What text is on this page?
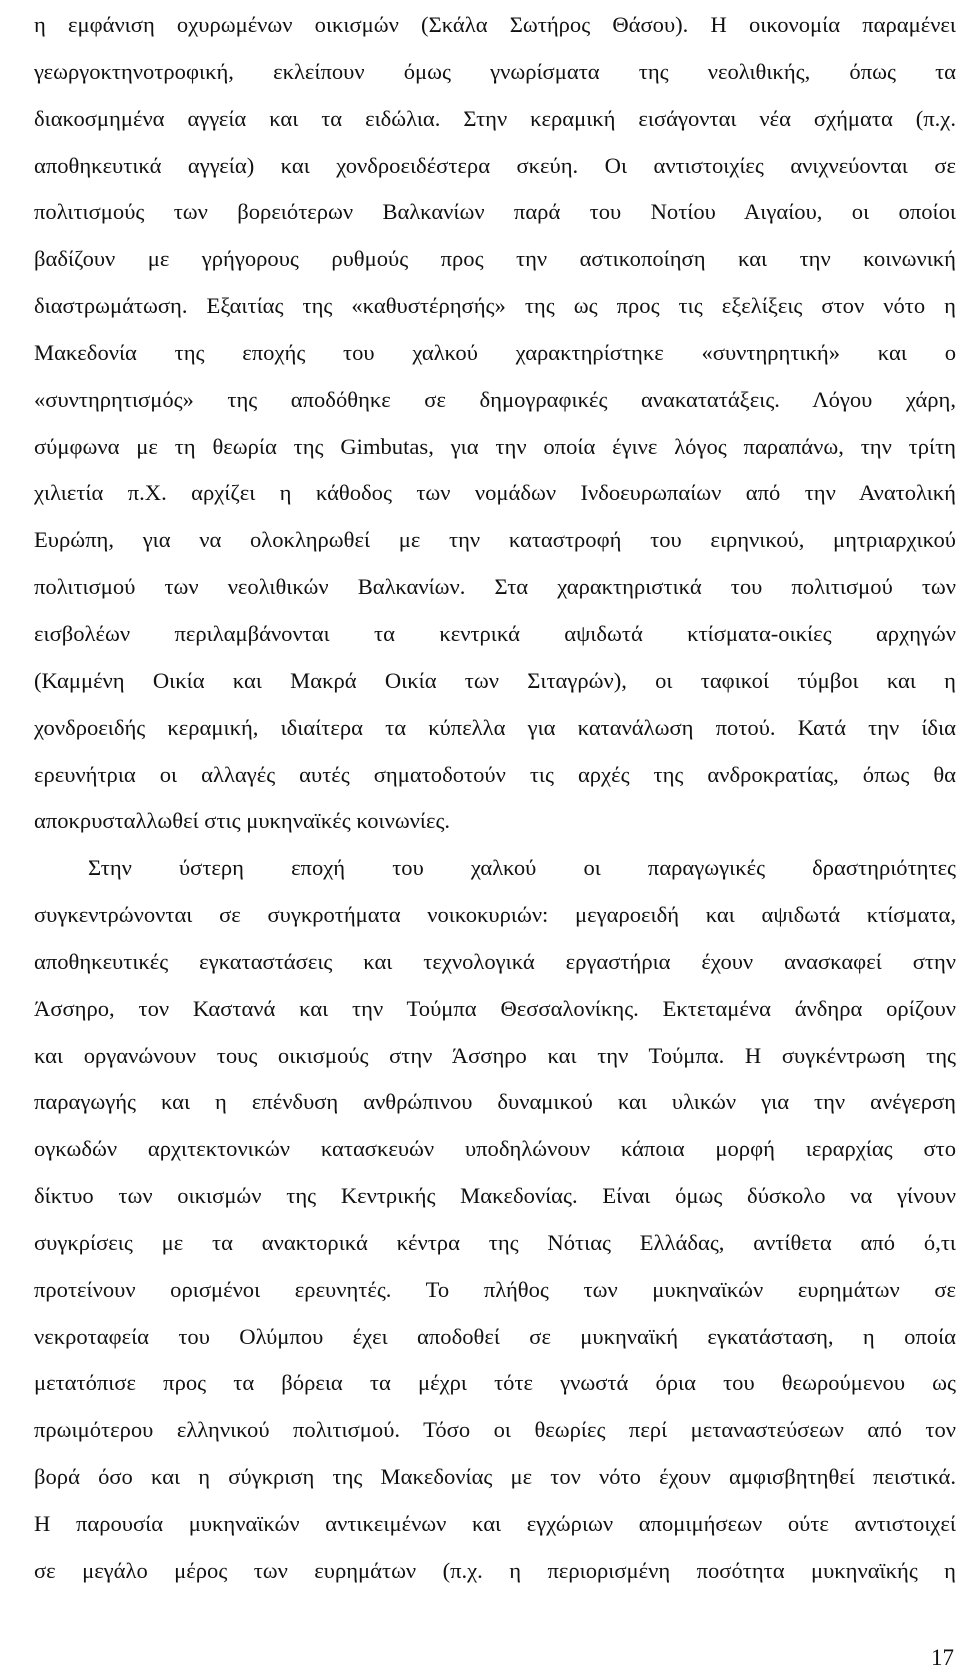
η εμφάνιση οχυρωμένων οικισμών (Σκάλα Σωτήρος Θάσου). Η οικονομία παραμένει
γεωργοκτηνοτροφική, εκλείπουν όμως γνωρίσματα της νεολιθικής, όπως τα
διακοσμημένα αγγεία και τα ειδώλια. Στην κεραμική εισάγονται νέα σχήματα (π.χ.
αποθηκευτικά αγγεία) και χονδροειδέστερα σκεύη. Οι αντιστοιχίες ανιχνεύονται σε
πολιτισμούς των βορειότερων Βαλκανίων παρά του Νοτίου Αιγαίου, οι οποίοι
βαδίζουν με γρήγορους ρυθμούς προς την αστικοποίηση και την κοινωνική
διαστρωμάτωση. Εξαιτίας της «καθυστέρησής» της ως προς τις εξελίξεις στον νότο η
Μακεδονία της εποχής του χαλκού χαρακτηρίστηκε «συντηρητική» και ο
«συντηρητισμός» της αποδόθηκε σε δημογραφικές ανακατατάξεις. Λόγου χάρη,
σύμφωνα με τη θεωρία της Gimbutas, για την οποία έγινε λόγος παραπάνω, την τρίτη
χιλιετία π.Χ. αρχίζει η κάθοδος των νομάδων Ινδοευρωπαίων από την Ανατολική
Ευρώπη, για να ολοκληρωθεί με την καταστροφή του ειρηνικού, μητριαρχικού
πολιτισμού των νεολιθικών Βαλκανίων. Στα χαρακτηριστικά του πολιτισμού των
εισβολέων περιλαμβάνονται τα κεντρικά αψιδωτά κτίσματα-οικίες αρχηγών
(Καμμένη Οικία και Μακρά Οικία των Σιταγρών), οι ταφικοί τύμβοι και η
χονδροειδής κεραμική, ιδιαίτερα τα κύπελλα για κατανάλωση ποτού. Κατά την ίδια
ερευνήτρια οι αλλαγές αυτές σηματοδοτούν τις αρχές της ανδροκρατίας, όπως θα
αποκρυσταλλωθεί στις μυκηναϊκές κοινωνίες.
Στην ύστερη εποχή του χαλκού οι παραγωγικές δραστηριότητες
συγκεντρώνονται σε συγκροτήματα νοικοκυριών: μεγαροειδή και αψιδωτά κτίσματα,
αποθηκευτικές εγκαταστάσεις και τεχνολογικά εργαστήρια έχουν ανασκαφεί στην
Άσσηρο, τον Καστανά και την Τούμπα Θεσσαλονίκης. Εκτεταμένα άνδηρα ορίζουν
και οργανώνουν τους οικισμούς στην Άσσηρο και την Τούμπα. Η συγκέντρωση της
παραγωγής και η επένδυση ανθρώπινου δυναμικού και υλικών για την ανέγερση
ογκωδών αρχιτεκτονικών κατασκευών υποδηλώνουν κάποια μορφή ιεραρχίας στο
δίκτυο των οικισμών της Κεντρικής Μακεδονίας. Είναι όμως δύσκολο να γίνουν
συγκρίσεις με τα ανακτορικά κέντρα της Νότιας Ελλάδας, αντίθετα από ό,τι
προτείνουν ορισμένοι ερευνητές. Το πλήθος των μυκηναϊκών ευρημάτων σε
νεκροταφεία του Ολύμπου έχει αποδοθεί σε μυκηναϊκή εγκατάσταση, η οποία
μετατόπισε προς τα βόρεια τα μέχρι τότε γνωστά όρια του θεωρούμενου ως
πρωιμότερου ελληνικού πολιτισμού. Τόσο οι θεωρίες περί μεταναστεύσεων από τον
βορά όσο και η σύγκριση της Μακεδονίας με τον νότο έχουν αμφισβητηθεί πειστικά.
Η παρουσία μυκηναϊκών αντικειμένων και εγχώριων απομιμήσεων ούτε αντιστοιχεί
σε μεγάλο μέρος των ευρημάτων (π.χ. η περιορισμένη ποσότητα μυκηναϊκής η
17
